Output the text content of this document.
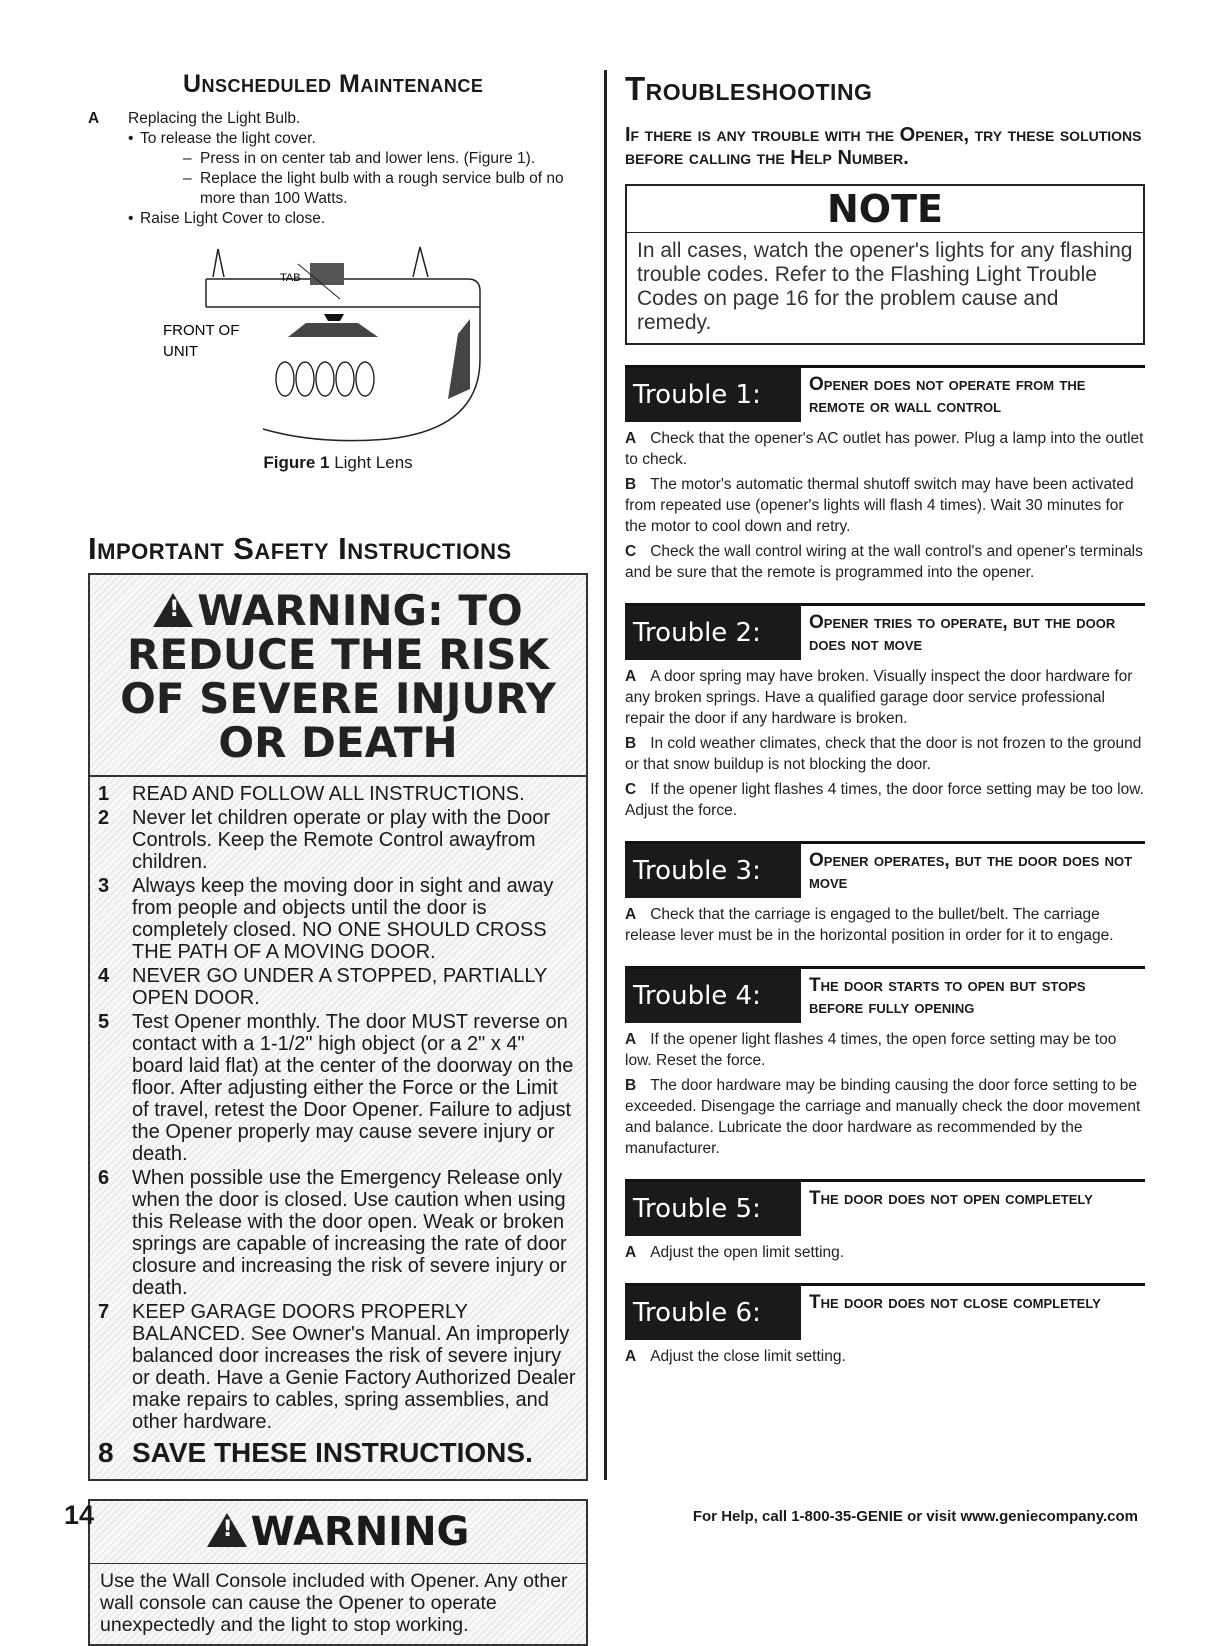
Unscheduled Maintenance
A	Replacing the Light Bulb.
• To release the light cover.
– Press in on center tab and lower lens. (Figure 1).
– Replace the light bulb with a rough service bulb of no more than 100 Watts.
• Raise Light Cover to close.
TAB
FRONT OF
UNIT
Figure 1 Light Lens
Important Safety Instructions
!WARNING: TO REDUCE THE RISK OF SEVERE INJURY OR DEATH
1	READ AND FOLLOW ALL INSTRUCTIONS.
2	Never let children operate or play with the Door Controls. Keep the Remote Control awayfrom children.
3	Always keep the moving door in sight and away from people and objects until the door is completely closed. NO ONE SHOULD CROSS THE PATH OF A MOVING DOOR.
4	NEVER GO UNDER A STOPPED, PARTIALLY OPEN DOOR.
5	Test Opener monthly. The door MUST reverse on contact with a 1-1/2" high object (or a 2" x 4" board laid flat) at the center of the doorway on the floor. After adjusting either the Force or the Limit of travel, retest the Door Opener. Failure to adjust the Opener properly may cause severe injury or death.
6	When possible use the Emergency Release only when the door is closed. Use caution when using this Release with the door open. Weak or broken springs are capable of increasing the rate of door closure and increasing the risk of severe injury or death.
7	KEEP GARAGE DOORS PROPERLY BALANCED. See Owner's Manual. An improperly balanced door increases the risk of severe injury or death. Have a Genie Factory Authorized Dealer make repairs to cables, spring assemblies, and other hardware.
8 SAVE THESE INSTRUCTIONS.
!WARNING
Use the Wall Console included with Opener. Any other wall console can cause the Opener to operate unexpectedly and the light to stop working.
Troubleshooting
If there is any trouble with the Opener, try these solutions before calling the Help Number.
NOTE
In all cases, watch the opener's lights for any flashing trouble codes. Refer to the Flashing Light Trouble Codes on page 16 for the problem cause and remedy.
Trouble 1:	Opener does not operate from the remote or wall control
A Check that the opener's AC outlet has power. Plug a lamp into the outlet to check.
B The motor's automatic thermal shutoff switch may have been activated from repeated use (opener's lights will flash 4 times). Wait 30 minutes for the motor to cool down and retry.
C Check the wall control wiring at the wall control's and opener's terminals and be sure that the remote is programmed into the opener.
Trouble 2:	Opener tries to operate, but the door does not move
A A door spring may have broken. Visually inspect the door hardware for any broken springs. Have a qualified garage door service professional repair the door if any hardware is broken.
B In cold weather climates, check that the door is not frozen to the ground or that snow buildup is not blocking the door.
C If the opener light flashes 4 times, the door force setting may be too low. Adjust the force.
Trouble 3:	Opener operates, but the door does not move
A Check that the carriage is engaged to the bullet/belt. The carriage release lever must be in the horizontal position in order for it to engage.
Trouble 4:	The door starts to open but stops before fully opening
A If the opener light flashes 4 times, the open force setting may be too low. Reset the force.
B The door hardware may be binding causing the door force setting to be exceeded. Disengage the carriage and manually check the door movement and balance. Lubricate the door hardware as recommended by the manufacturer.
Trouble 5:	The door does not open completely
A Adjust the open limit setting.
Trouble 6:	The door does not close completely
A Adjust the close limit setting.
14	For Help, call 1-800-35-GENIE or visit www.geniecompany.com
